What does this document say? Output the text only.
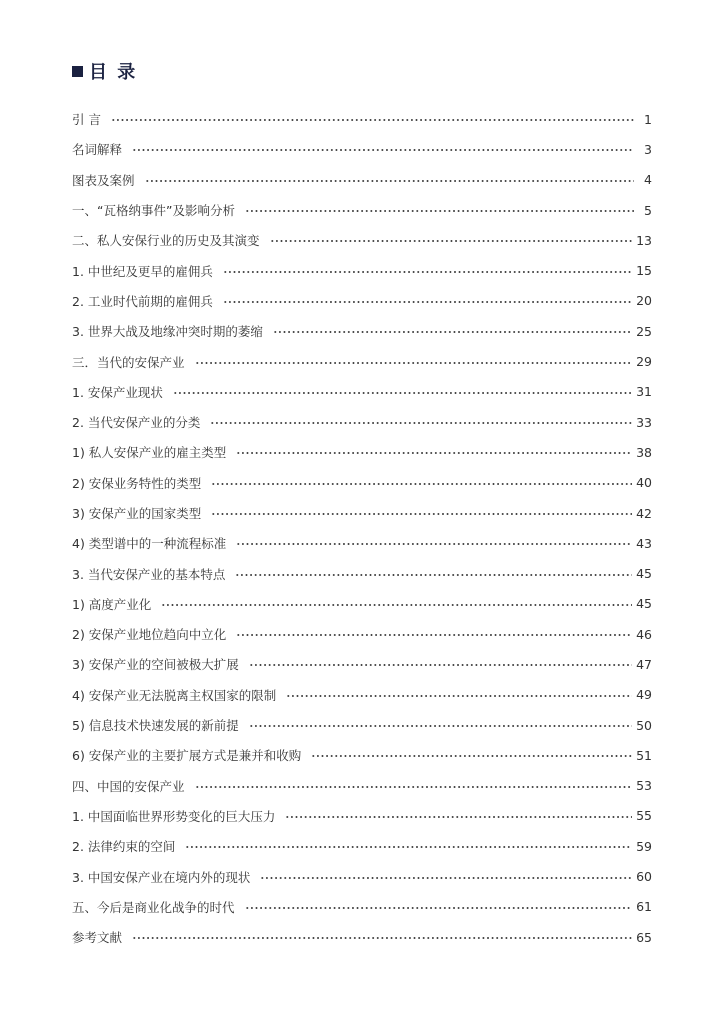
目 录
引 言	1
名词解释	3
图表及案例	4
一、“瓦格纳事件”及影响分析	5
二、私人安保行业的历史及其演变	13
1. 中世纪及更早的雇佣兵	15
2. 工业时代前期的雇佣兵	20
3. 世界大战及地缘冲突时期的萎缩	25
三．当代的安保产业	29
1. 安保产业现状	31
2. 当代安保产业的分类	33
1) 私人安保产业的雇主类型	38
2) 安保业务特性的类型	40
3) 安保产业的国家类型	42
4) 类型谱中的一种流程标准	43
3. 当代安保产业的基本特点	45
1) 高度产业化	45
2) 安保产业地位趋向中立化	46
3) 安保产业的空间被极大扩展	47
4) 安保产业无法脱离主权国家的限制	49
5) 信息技术快速发展的新前提	50
6) 安保产业的主要扩展方式是兼并和收购	51
四、中国的安保产业	53
1. 中国面临世界形势变化的巨大压力	55
2. 法律约束的空间	59
3. 中国安保产业在境内外的现状	60
五、今后是商业化战争的时代	61
参考文献	65
